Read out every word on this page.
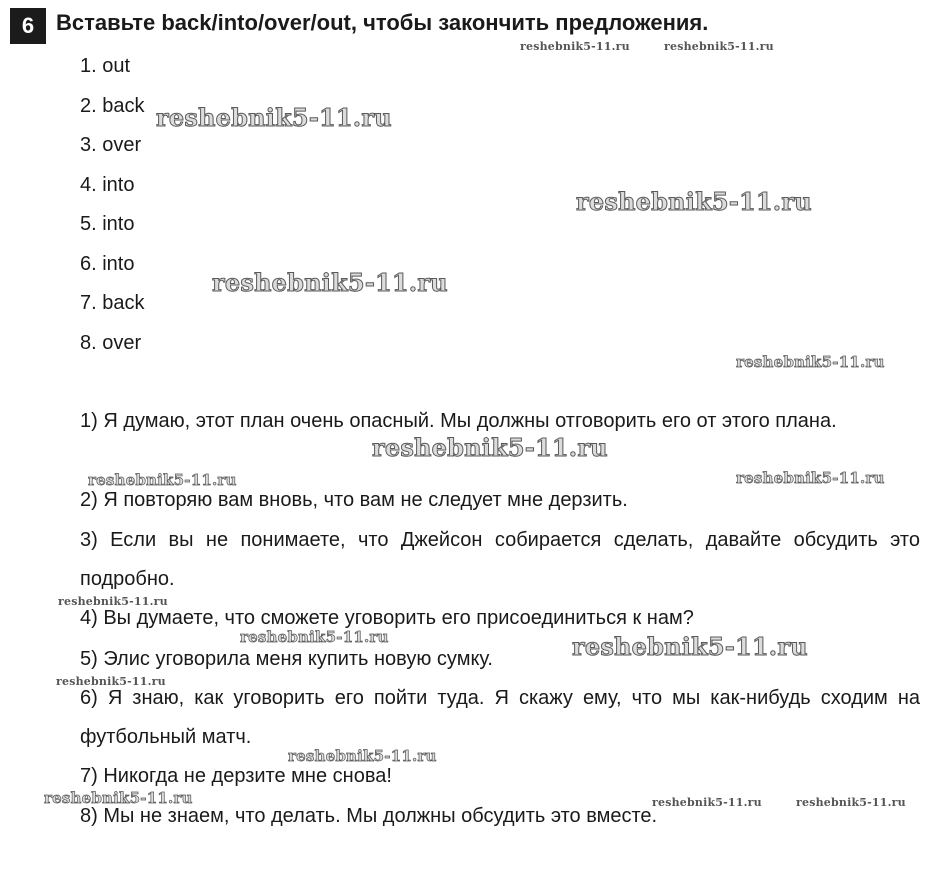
6 Вставьте back/into/over/out, чтобы закончить предложения.
1. out
2. back
3. over
4. into
5. into
6. into
7. back
8. over
1) Я думаю, этот план очень опасный. Мы должны отговорить его от этого плана.
2) Я повторяю вам вновь, что вам не следует мне дерзить.
3) Если вы не понимаете, что Джейсон собирается сделать, давайте обсудить это подробно.
4) Вы думаете, что сможете уговорить его присоединиться к нам?
5) Элис уговорила меня купить новую сумку.
6) Я знаю, как уговорить его пойти туда. Я скажу ему, что мы как-нибудь сходим на футбольный матч.
7) Никогда не дерзите мне снова!
8) Мы не знаем, что делать. Мы должны обсудить это вместе.
reshebnik5-11.ru	reshebnik5-11.ru
reshebnik5-11.ru
reshebnik5-11.ru
reshebnik5-11.ru
reshebnik5-11.ru
reshebnik5-11.ru
reshebnik5-11.ru	reshebnik5-11.ru
reshebnik5-11.ru
reshebnik5-11.ru	reshebnik5-11.ru
reshebnik5-11.ru
reshebnik5-11.ru
reshebnik5-11.ru	reshebnik5-11.ru	reshebnik5-11.ru
